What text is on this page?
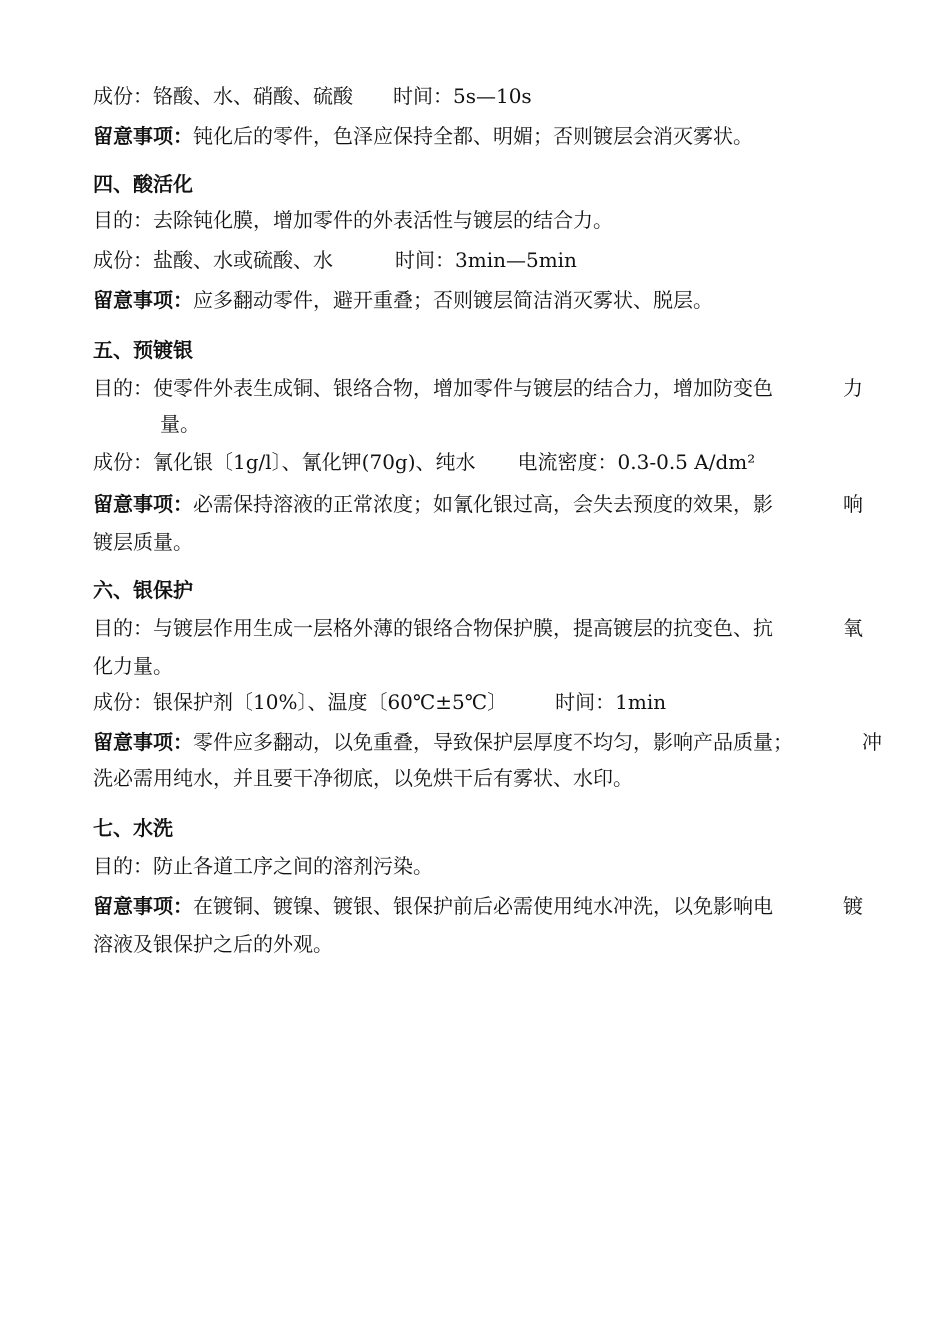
成份：铬酸、水、硝酸、硫酸 时间：5s—10s
留意事项：钝化后的零件，色泽应保持全都、明媚；否则镀层会消灭雾状。
四、酸活化
目的：去除钝化膜，增加零件的外表活性与镀层的结合力。
成份：盐酸、水或硫酸、水	时间：3min—5min
留意事项：应多翻动零件，避开重叠；否则镀层简洁消灭雾状、脱层。
五、预镀银
目的：使零件外表生成铜、银络合物，增加零件与镀层的结合力，增加防变色	力
量。
成份：氰化银〔1g/l〕、氰化钾(70g)、纯水 电流密度：0.3-0.5 A/dm²
留意事项：必需保持溶液的正常浓度；如氰化银过高，会失去预度的效果，影	响
镀层质量。
六、银保护
目的：与镀层作用生成一层格外薄的银络合物保护膜，提高镀层的抗变色、抗	氧
化力量。
成份：银保护剂〔10%〕、温度〔60℃±5℃〕 时间：1min
留意事项：零件应多翻动，以免重叠，导致保护层厚度不均匀，影响产品质量；	冲
洗必需用纯水，并且要干净彻底，以免烘干后有雾状、水印。
七、水洗
目的：防止各道工序之间的溶剂污染。
留意事项：在镀铜、镀镍、镀银、银保护前后必需使用纯水冲洗，以免影响电	镀
溶液及银保护之后的外观。
